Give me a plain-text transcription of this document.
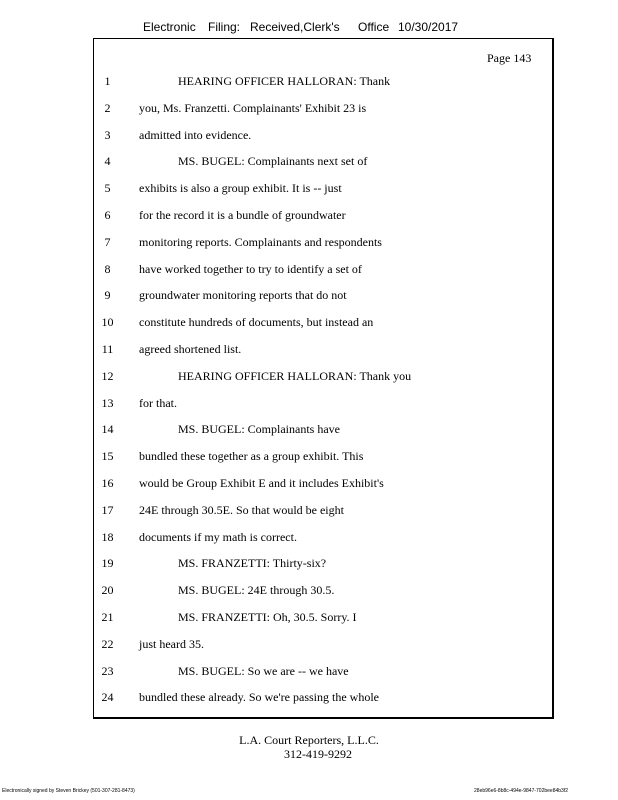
Electronic Filing: Received,Clerk's Office 10/30/2017
Page 143
1	HEARING OFFICER HALLORAN: Thank
2	you, Ms. Franzetti. Complainants' Exhibit 23 is
3	admitted into evidence.
4	MS. BUGEL: Complainants next set of
5	exhibits is also a group exhibit. It is -- just
6	for the record it is a bundle of groundwater
7	monitoring reports. Complainants and respondents
8	have worked together to try to identify a set of
9	groundwater monitoring reports that do not
10	constitute hundreds of documents, but instead an
11	agreed shortened list.
12	HEARING OFFICER HALLORAN: Thank you
13	for that.
14	MS. BUGEL: Complainants have
15	bundled these together as a group exhibit. This
16	would be Group Exhibit E and it includes Exhibit's
17	24E through 30.5E. So that would be eight
18	documents if my math is correct.
19	MS. FRANZETTI: Thirty-six?
20	MS. BUGEL: 24E through 30.5.
21	MS. FRANZETTI: Oh, 30.5. Sorry. I
22	just heard 35.
23	MS. BUGEL: So we are -- we have
24	bundled these already. So we're passing the whole
L.A. Court Reporters, L.L.C.
312-419-9292
Electronically signed by Steven Brickey (501-307-281-8473)	28eb96e6-8b8c-494e-9847-702bee84b3f2
